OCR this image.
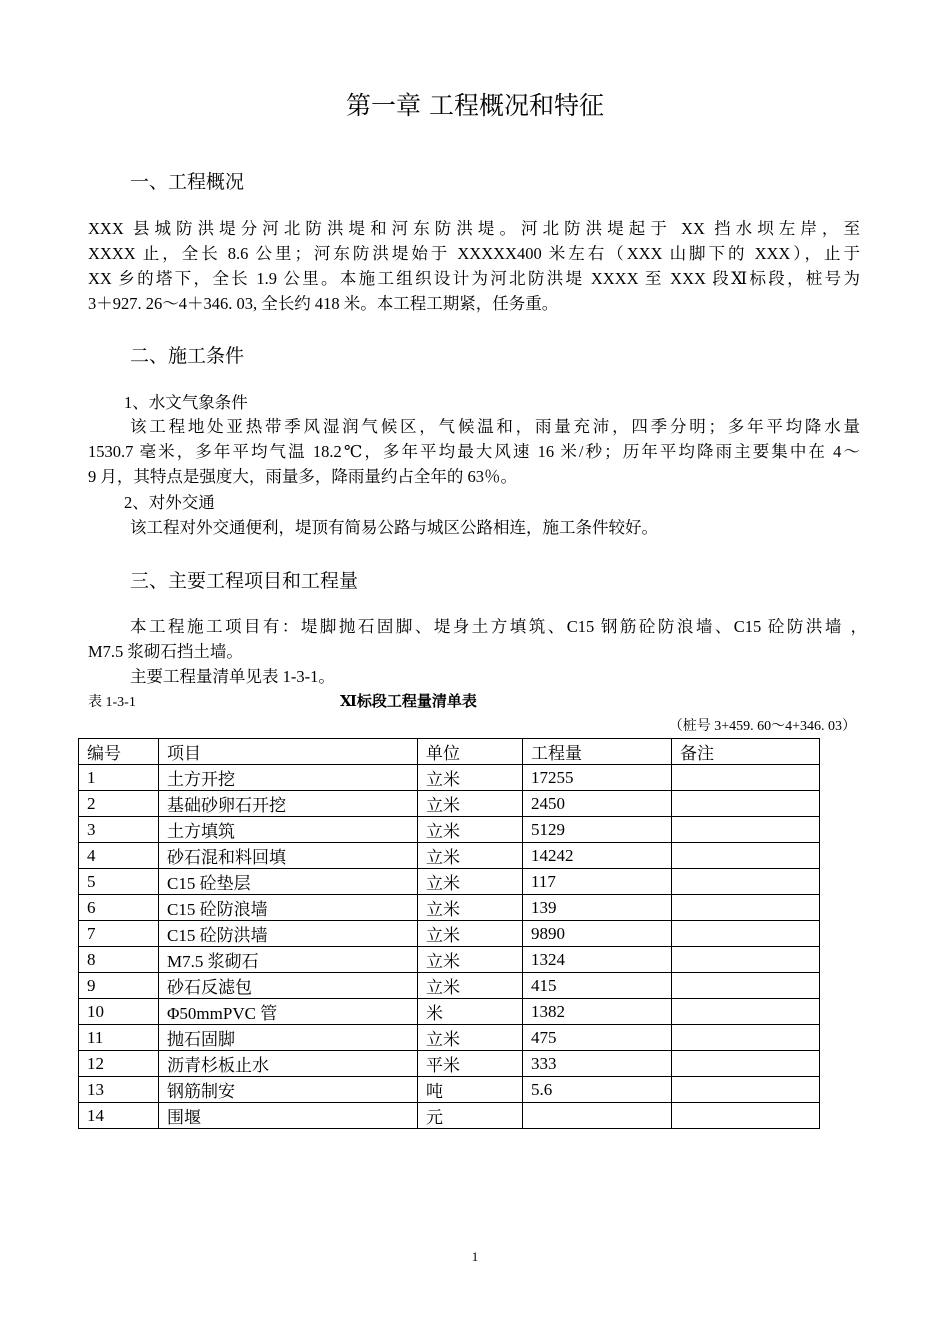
第一章 工程概况和特征
一、工程概况
XXX 县城防洪堤分河北防洪堤和河东防洪堤。河北防洪堤起于 XX 挡水坝左岸，至
XXXX 止，全长 8.6 公里；河东防洪堤始于 XXXXX400 米左右（XXX 山脚下的 XXX），止于
XX 乡的塔下，全长 1.9 公里。本施工组织设计为河北防洪堤 XXXX 至 XXX 段Ⅺ标段，桩号为
3＋927. 26～4＋346. 03, 全长约 418 米。本工程工期紧，任务重。
二、施工条件
1、水文气象条件
该工程地处亚热带季风湿润气候区，气候温和，雨量充沛，四季分明；多年平均降水量
1530.7 毫米，多年平均气温 18.2℃，多年平均最大风速 16 米/秒；历年平均降雨主要集中在 4～
9 月，其特点是强度大，雨量多，降雨量约占全年的 63％。
2、对外交通
该工程对外交通便利，堤顶有简易公路与城区公路相连，施工条件较好。
三、主要工程项目和工程量
本工程施工项目有：堤脚抛石固脚、堤身土方填筑、C15 钢筋砼防浪墙、C15 砼防洪墙 ，
M7.5 浆砌石挡土墙。
主要工程量清单见表 1-3-1。
表 1-3-1	Ⅺ标段工程量清单表
（桩号 3+459. 60～4+346. 03）
编号	项目	单位	工程量	备注
1	土方开挖	立米	17255	
2	基础砂卵石开挖	立米	2450	
3	土方填筑	立米	5129	
4	砂石混和料回填	立米	14242	
5	C15 砼垫层	立米	117	
6	C15 砼防浪墙	立米	139	
7	C15 砼防洪墙	立米	9890	
8	M7.5 浆砌石	立米	1324	
9	砂石反滤包	立米	415	
10	Φ50mmPVC 管	米	1382	
11	抛石固脚	立米	475	
12	沥青杉板止水	平米	333	
13	钢筋制安	吨	5.6	
14	围堰	元		
1
